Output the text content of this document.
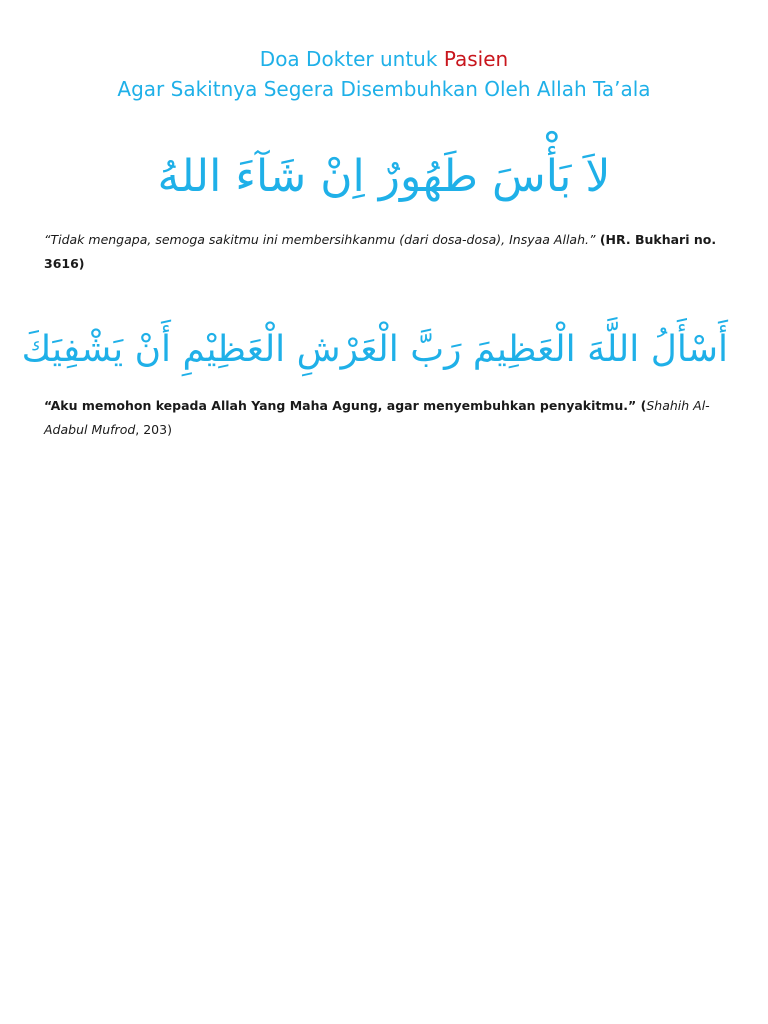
Doa Dokter untuk Pasien
Agar Sakitnya Segera Disembuhkan Oleh Allah Ta’ala
لاَ بَأْسَ طَهُورٌ اِنْ شَآءَ اللهُ
“Tidak mengapa, semoga sakitmu ini membersihkanmu (dari dosa-dosa), Insyaa Allah.” (HR. Bukhari no. 3616)
أَسْأَلُ اللَّهَ الْعَظِيمَ رَبَّ الْعَرْشِ الْعَظِيْمِ أَنْ يَشْفِيَكَ
“Aku memohon kepada Allah Yang Maha Agung, agar menyembuhkan penyakitmu.” (Shahih Al-Adabul Mufrod, 203)
